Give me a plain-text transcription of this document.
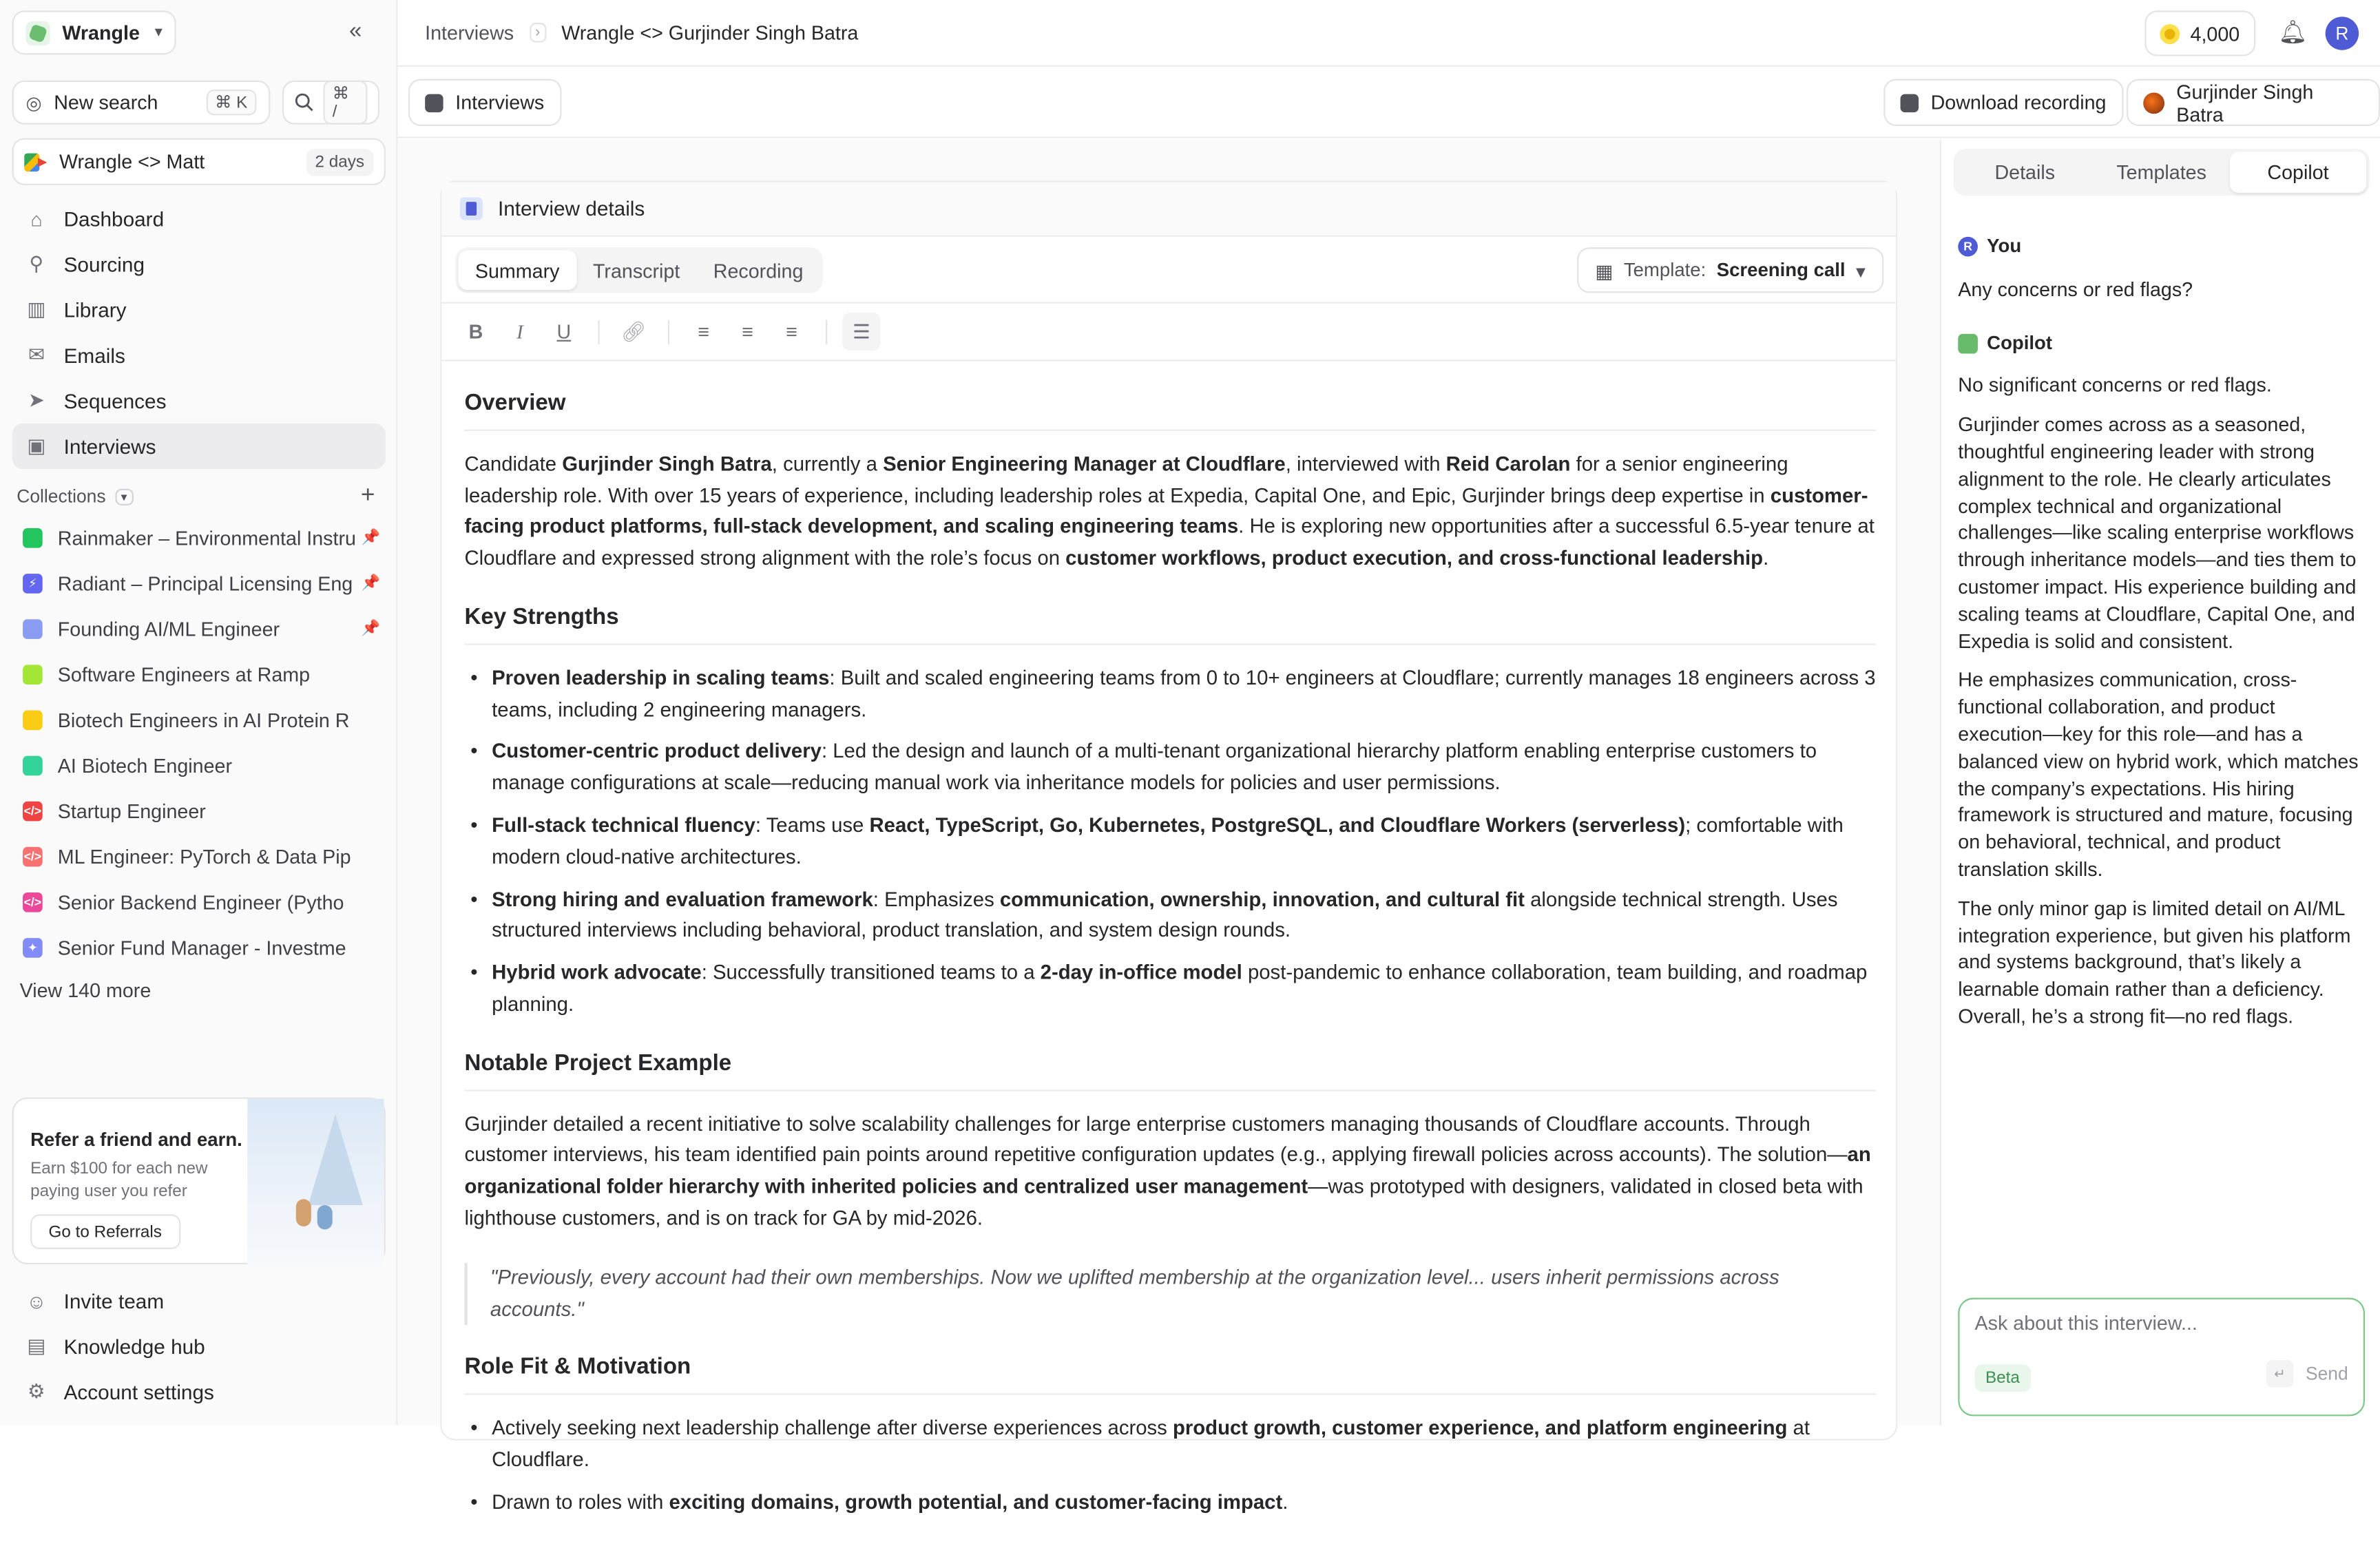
Wrangle ▾	«
◎ New search	⌘ K	⌘ /
Wrangle <> Matt	2 days
⌂	Dashboard
⚲	Sourcing
▥	Library
✉	Emails
➤	Sequences
▣	Interviews
Collections	▾	+
Rainmaker – Environmental Instru 📌
⚡	Radiant – Principal Licensing Eng 📌
Founding AI/ML Engineer	📌
Software Engineers at Ramp
Biotech Engineers in AI Protein R
AI Biotech Engineer
</> Startup Engineer
</> ML Engineer: PyTorch & Data Pip
</> Senior Backend Engineer (Pytho
✦	Senior Fund Manager - Investme
View 140 more
Refer a friend and earn.
Earn $100 for each new paying user you refer
Go to Referrals
☺ Invite team
▤	Knowledge hub
⚙	Account settings
Interviews	›	Wrangle <> Gurjinder Singh Batra	4,000	🔔︎	R
Interviews	Download recording	Gurjinder Singh Batra
Interview details
Summary	Transcript	Recording	▦ Template: Screening call ▾
B	I	U	🔗︎	≡	≡	≡	☰
Overview

Candidate Gurjinder Singh Batra, currently a Senior Engineering Manager at Cloudflare, interviewed with Reid Carolan for a senior engineering leadership role. With over 15 years of experience, including leadership roles at Expedia, Capital One, and Epic, Gurjinder brings deep expertise in customer-facing product platforms, full-stack development, and scaling engineering teams. He is exploring new opportunities after a successful 6.5-year tenure at Cloudflare and expressed strong alignment with the role’s focus on customer workflows, product execution, and cross-functional leadership.

Key Strengths
• Proven leadership in scaling teams: Built and scaled engineering teams from 0 to 10+ engineers at Cloudflare; currently manages 18 engineers across 3 teams, including 2 engineering managers.
• Customer-centric product delivery: Led the design and launch of a multi-tenant organizational hierarchy platform enabling enterprise customers to manage configurations at scale—reducing manual work via inheritance models for policies and user permissions.
• Full-stack technical fluency: Teams use React, TypeScript, Go, Kubernetes, PostgreSQL, and Cloudflare Workers (serverless); comfortable with modern cloud-native architectures.
• Strong hiring and evaluation framework: Emphasizes communication, ownership, innovation, and cultural fit alongside technical strength. Uses structured interviews including behavioral, product translation, and system design rounds.
• Hybrid work advocate: Successfully transitioned teams to a 2-day in-office model post-pandemic to enhance collaboration, team building, and roadmap planning.
Notable Project Example

Gurjinder detailed a recent initiative to solve scalability challenges for large enterprise customers managing thousands of Cloudflare accounts. Through customer interviews, his team identified pain points around repetitive configuration updates (e.g., applying firewall policies across accounts). The solution—an organizational folder hierarchy with inherited policies and centralized user management—was prototyped with designers, validated in closed beta with lighthouse customers, and is on track for GA by mid-2026.

"Previously, every account had their own memberships. Now we uplifted membership at the organization level... users inherit permissions across accounts."
Role Fit & Motivation
• Actively seeking next leadership challenge after diverse experiences across product growth, customer experience, and platform engineering at Cloudflare.
• Drawn to roles with exciting domains, growth potential, and customer-facing impact.
Details	Templates	Copilot
R	You
Any concerns or red flags?
Copilot
No significant concerns or red flags.
Gurjinder comes across as a seasoned, thoughtful engineering leader with strong alignment to the role. He clearly articulates complex technical and organizational challenges—like scaling enterprise workflows through inheritance models—and ties them to customer impact. His experience building and scaling teams at Cloudflare, Capital One, and Expedia is solid and consistent.
He emphasizes communication, cross-functional collaboration, and product execution—key for this role—and has a balanced view on hybrid work, which matches the company’s expectations. His hiring framework is structured and mature, focusing on behavioral, technical, and product translation skills.
The only minor gap is limited detail on AI/ML integration experience, but given his platform and systems background, that’s likely a learnable domain rather than a deficiency. Overall, he’s a strong fit—no red flags.
Ask about this interview...
Beta	↵	Send
